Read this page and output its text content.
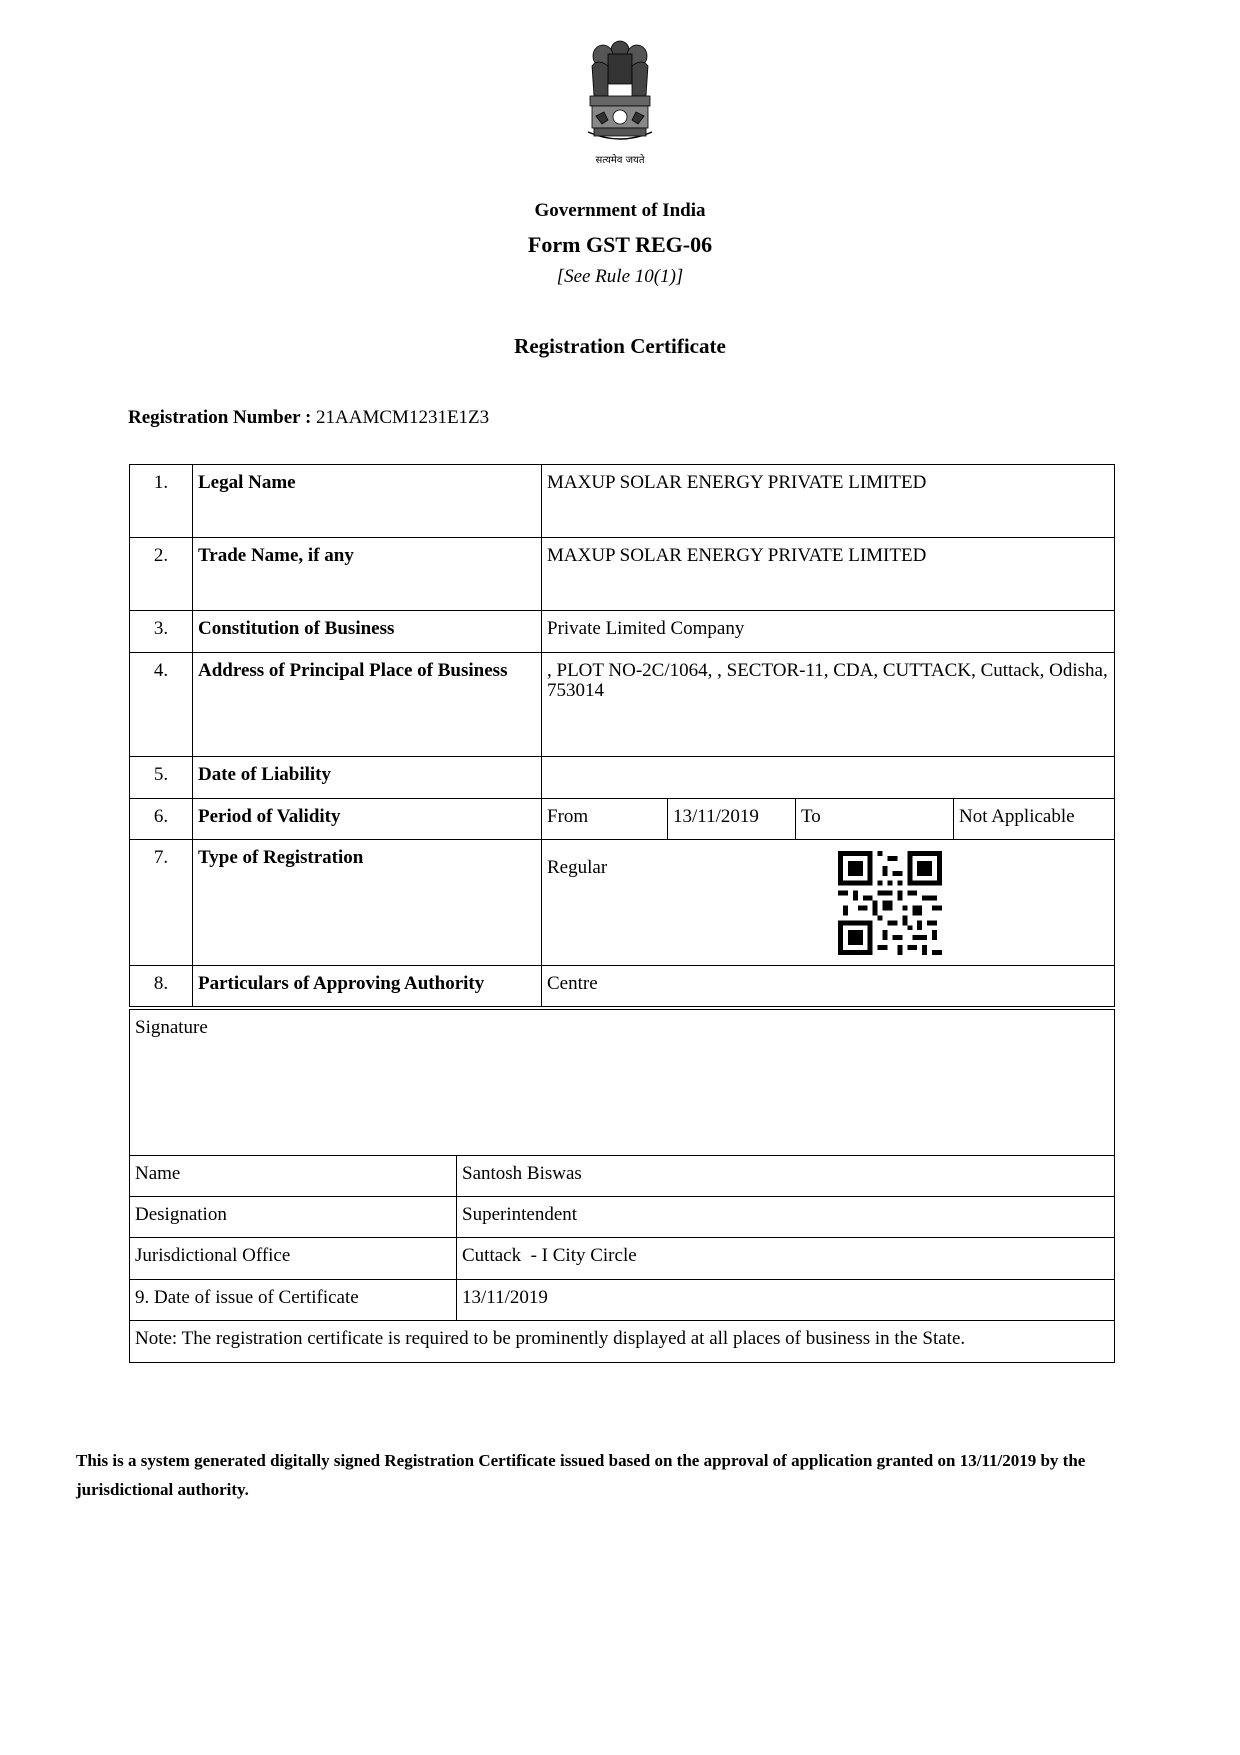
सत्यमेव जयते
Government of India
Form GST REG-06
[See Rule 10(1)]
Registration Certificate
Registration Number : 21AAMCM1231E1Z3
1.	Legal Name	MAXUP SOLAR ENERGY PRIVATE LIMITED			
2.	Trade Name, if any	MAXUP SOLAR ENERGY PRIVATE LIMITED			
3.	Constitution of Business	Private Limited Company			
4.	Address of Principal Place of Business	, PLOT NO-2C/1064, , SECTOR-11, CDA, CUTTACK, Cuttack, Odisha, 753014			
5.	Date of Liability				
6.	Period of Validity	From	13/11/2019	To	Not Applicable
7.	Type of Registration	Regular			

8.	Particulars of Approving Authority	Centre			
Signature	
Name	Santosh Biswas
Designation	Superintendent
Jurisdictional Office	Cuttack  - I City Circle
9. Date of issue of Certificate	13/11/2019
Note: The registration certificate is required to be prominently displayed at all places of business in the State.	
This is a system generated digitally signed Registration Certificate issued based on the approval of application granted on 13/11/2019 by the jurisdictional authority.
